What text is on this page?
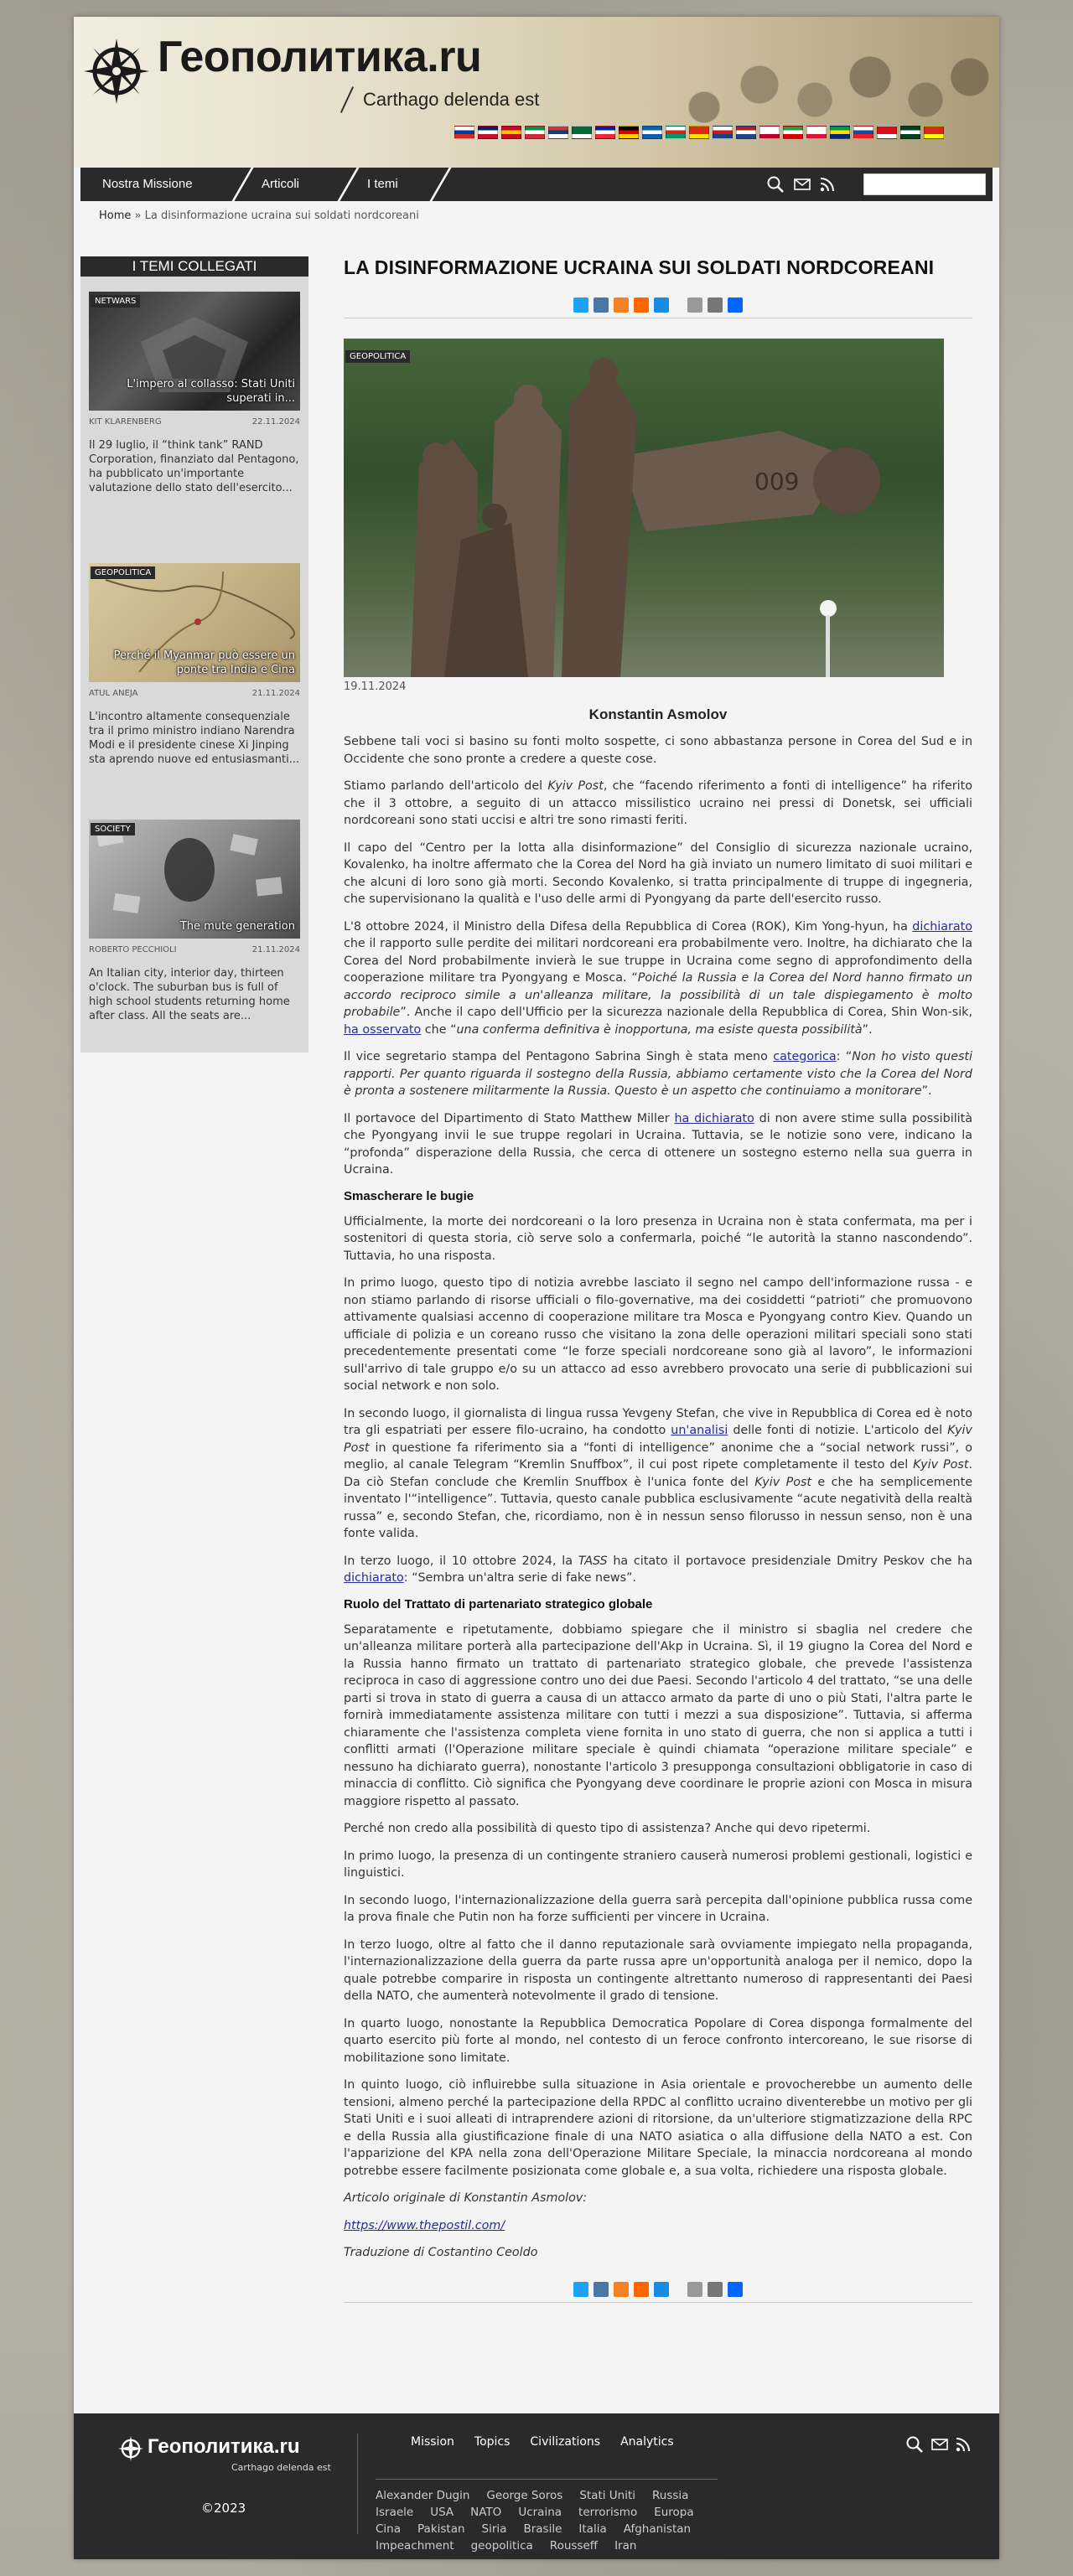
Геополитика.ru
Carthago delenda est
Nostra Missione	Articoli	I temi
Home » La disinformazione ucraina sui soldati nordcoreani
I TEMI COLLEGATI
NETWARS
L'impero al collasso: Stati Uniti superati in...
KIT KLARENBERG	22.11.2024
Il 29 luglio, il “think tank” RAND Corporation, finanziato dal Pentagono, ha pubblicato un'importante valutazione dello stato dell'esercito...
GEOPOLITICA
Perché il Myanmar può essere un ponte tra India e Cina
ATUL ANEJA	21.11.2024
L'incontro altamente consequenziale tra il primo ministro indiano Narendra Modi e il presidente cinese Xi Jinping sta aprendo nuove ed entusiasmanti...
SOCIETY
The mute generation
ROBERTO PECCHIOLI	21.11.2024
An Italian city, interior day, thirteen o'clock. The suburban bus is full of high school students returning home after class. All the seats are...
LA DISINFORMAZIONE UCRAINA SUI SOLDATI NORDCOREANI
009
GEOPOLITICA
19.11.2024
Konstantin Asmolov

Sebbene tali voci si basino su fonti molto sospette, ci sono abbastanza persone in Corea del Sud e in Occidente che sono pronte a credere a queste cose.

Stiamo parlando dell'articolo del Kyiv Post, che “facendo riferimento a fonti di intelligence” ha riferito che il 3 ottobre, a seguito di un attacco missilistico ucraino nei pressi di Donetsk, sei ufficiali nordcoreani sono stati uccisi e altri tre sono rimasti feriti.

Il capo del “Centro per la lotta alla disinformazione” del Consiglio di sicurezza nazionale ucraino, Kovalenko, ha inoltre affermato che la Corea del Nord ha già inviato un numero limitato di suoi militari e che alcuni di loro sono già morti. Secondo Kovalenko, si tratta principalmente di truppe di ingegneria, che supervisionano la qualità e l'uso delle armi di Pyongyang da parte dell'esercito russo.

L'8 ottobre 2024, il Ministro della Difesa della Repubblica di Corea (ROK), Kim Yong-hyun, ha dichiarato che il rapporto sulle perdite dei militari nordcoreani era probabilmente vero. Inoltre, ha dichiarato che la Corea del Nord probabilmente invierà le sue truppe in Ucraina come segno di approfondimento della cooperazione militare tra Pyongyang e Mosca. “Poiché la Russia e la Corea del Nord hanno firmato un accordo reciproco simile a un'alleanza militare, la possibilità di un tale dispiegamento è molto probabile”. Anche il capo dell'Ufficio per la sicurezza nazionale della Repubblica di Corea, Shin Won-sik, ha osservato che “una conferma definitiva è inopportuna, ma esiste questa possibilità”.

Il vice segretario stampa del Pentagono Sabrina Singh è stata meno categorica: “Non ho visto questi rapporti. Per quanto riguarda il sostegno della Russia, abbiamo certamente visto che la Corea del Nord è pronta a sostenere militarmente la Russia. Questo è un aspetto che continuiamo a monitorare”.

Il portavoce del Dipartimento di Stato Matthew Miller ha dichiarato di non avere stime sulla possibilità che Pyongyang invii le sue truppe regolari in Ucraina. Tuttavia, se le notizie sono vere, indicano la “profonda” disperazione della Russia, che cerca di ottenere un sostegno esterno nella sua guerra in Ucraina.

Smascherare le bugie

Ufficialmente, la morte dei nordcoreani o la loro presenza in Ucraina non è stata confermata, ma per i sostenitori di questa storia, ciò serve solo a confermarla, poiché “le autorità la stanno nascondendo”. Tuttavia, ho una risposta.

In primo luogo, questo tipo di notizia avrebbe lasciato il segno nel campo dell'informazione russa - e non stiamo parlando di risorse ufficiali o filo-governative, ma dei cosiddetti “patrioti” che promuovono attivamente qualsiasi accenno di cooperazione militare tra Mosca e Pyongyang contro Kiev. Quando un ufficiale di polizia e un coreano russo che visitano la zona delle operazioni militari speciali sono stati precedentemente presentati come “le forze speciali nordcoreane sono già al lavoro”, le informazioni sull'arrivo di tale gruppo e/o su un attacco ad esso avrebbero provocato una serie di pubblicazioni sui social network e non solo.

In secondo luogo, il giornalista di lingua russa Yevgeny Stefan, che vive in Repubblica di Corea ed è noto tra gli espatriati per essere filo-ucraino, ha condotto un'analisi delle fonti di notizie. L'articolo del Kyiv Post in questione fa riferimento sia a “fonti di intelligence” anonime che a “social network russi”, o meglio, al canale Telegram “Kremlin Snuffbox”, il cui post ripete completamente il testo del Kyiv Post. Da ciò Stefan conclude che Kremlin Snuffbox è l'unica fonte del Kyiv Post e che ha semplicemente inventato l'“intelligence”. Tuttavia, questo canale pubblica esclusivamente “acute negatività della realtà russa” e, secondo Stefan, che, ricordiamo, non è in nessun senso filorusso in nessun senso, non è una fonte valida.

In terzo luogo, il 10 ottobre 2024, la TASS ha citato il portavoce presidenziale Dmitry Peskov che ha dichiarato: “Sembra un'altra serie di fake news”.

Ruolo del Trattato di partenariato strategico globale

Separatamente e ripetutamente, dobbiamo spiegare che il ministro si sbaglia nel credere che un'alleanza militare porterà alla partecipazione dell'Akp in Ucraina. Sì, il 19 giugno la Corea del Nord e la Russia hanno firmato un trattato di partenariato strategico globale, che prevede l'assistenza reciproca in caso di aggressione contro uno dei due Paesi. Secondo l'articolo 4 del trattato, “se una delle parti si trova in stato di guerra a causa di un attacco armato da parte di uno o più Stati, l'altra parte le fornirà immediatamente assistenza militare con tutti i mezzi a sua disposizione”. Tuttavia, si afferma chiaramente che l'assistenza completa viene fornita in uno stato di guerra, che non si applica a tutti i conflitti armati (l'Operazione militare speciale è quindi chiamata “operazione militare speciale” e nessuno ha dichiarato guerra), nonostante l'articolo 3 presupponga consultazioni obbligatorie in caso di minaccia di conflitto. Ciò significa che Pyongyang deve coordinare le proprie azioni con Mosca in misura maggiore rispetto al passato.

Perché non credo alla possibilità di questo tipo di assistenza? Anche qui devo ripetermi.

In primo luogo, la presenza di un contingente straniero causerà numerosi problemi gestionali, logistici e linguistici.

In secondo luogo, l'internazionalizzazione della guerra sarà percepita dall'opinione pubblica russa come la prova finale che Putin non ha forze sufficienti per vincere in Ucraina.

In terzo luogo, oltre al fatto che il danno reputazionale sarà ovviamente impiegato nella propaganda, l'internazionalizzazione della guerra da parte russa apre un'opportunità analoga per il nemico, dopo la quale potrebbe comparire in risposta un contingente altrettanto numeroso di rappresentanti dei Paesi della NATO, che aumenterà notevolmente il grado di tensione.

In quarto luogo, nonostante la Repubblica Democratica Popolare di Corea disponga formalmente del quarto esercito più forte al mondo, nel contesto di un feroce confronto intercoreano, le sue risorse di mobilitazione sono limitate.

In quinto luogo, ciò influirebbe sulla situazione in Asia orientale e provocherebbe un aumento delle tensioni, almeno perché la partecipazione della RPDC al conflitto ucraino diventerebbe un motivo per gli Stati Uniti e i suoi alleati di intraprendere azioni di ritorsione, da un'ulteriore stigmatizzazione della RPC e della Russia alla giustificazione finale di una NATO asiatica o alla diffusione della NATO a est. Con l'apparizione del KPA nella zona dell'Operazione Militare Speciale, la minaccia nordcoreana al mondo potrebbe essere facilmente posizionata come globale e, a sua volta, richiedere una risposta globale.

Articolo originale di Konstantin Asmolov:

https://www.thepostil.com/

Traduzione di Costantino Ceoldo

Геополитика.ru
Carthago delenda est
©2023
Mission Topics Civilizations Analytics
Alexander Dugin George Soros Stati Uniti Russia
Israele USA NATO Ucraina terrorismo Europa
Cina Pakistan Siria Brasile Italia Afghanistan
Impeachment geopolitica Rousseff Iran
